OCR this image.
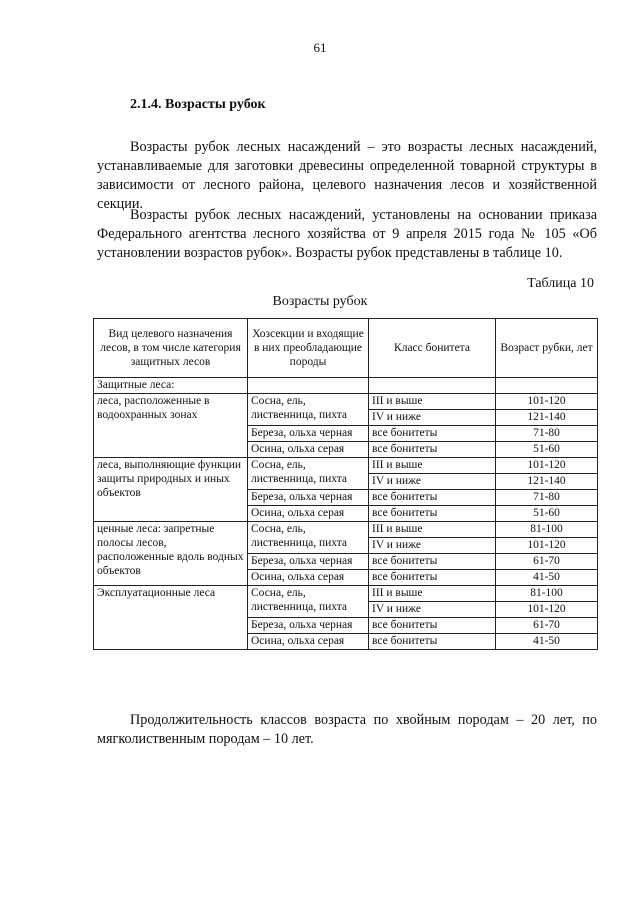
61
2.1.4. Возрасты рубок

Возрасты рубок лесных насаждений – это возрасты лесных насаждений, устанавливаемые для заготовки древесины определенной товарной структуры в зависимости от лесного района, целевого назначения лесов и хозяйственной секции.

Возрасты рубок лесных насаждений, установлены на основании приказа Федерального агентства лесного хозяйства от 9 апреля 2015 года № 105 «Об установлении возрастов рубок». Возрасты рубок представлены в таблице 10.

Таблица 10
Возрасты рубок
Вид целевого назначения лесов, в том числе категория защитных лесов	Хозсекции и входящие в них преобладающие породы	Класс бонитета	Возраст рубки, лет
Защитные леса:			
леса, расположенные в водоохранных зонах	Сосна, ель, лиственница, пихта	III и выше	101-120
		IV и ниже	121-140
	Береза, ольха черная	все бонитеты	71-80
	Осина, ольха серая	все бонитеты	51-60
леса, выполняющие функции защиты природных и иных объектов	Сосна, ель, лиственница, пихта	III и выше	101-120
		IV и ниже	121-140
	Береза, ольха черная	все бонитеты	71-80
	Осина, ольха серая	все бонитеты	51-60
ценные леса: запретные полосы лесов, расположенные вдоль водных объектов	Сосна, ель, лиственница, пихта	III и выше	81-100
		IV и ниже	101-120
	Береза, ольха черная	все бонитеты	61-70
	Осина, ольха серая	все бонитеты	41-50
Эксплуатационные леса	Сосна, ель, лиственница, пихта	III и выше	81-100
		IV и ниже	101-120
	Береза, ольха черная	все бонитеты	61-70
	Осина, ольха серая	все бонитеты	41-50

Продолжительность классов возраста по хвойным породам – 20 лет, по мягколиственным породам – 10 лет.
